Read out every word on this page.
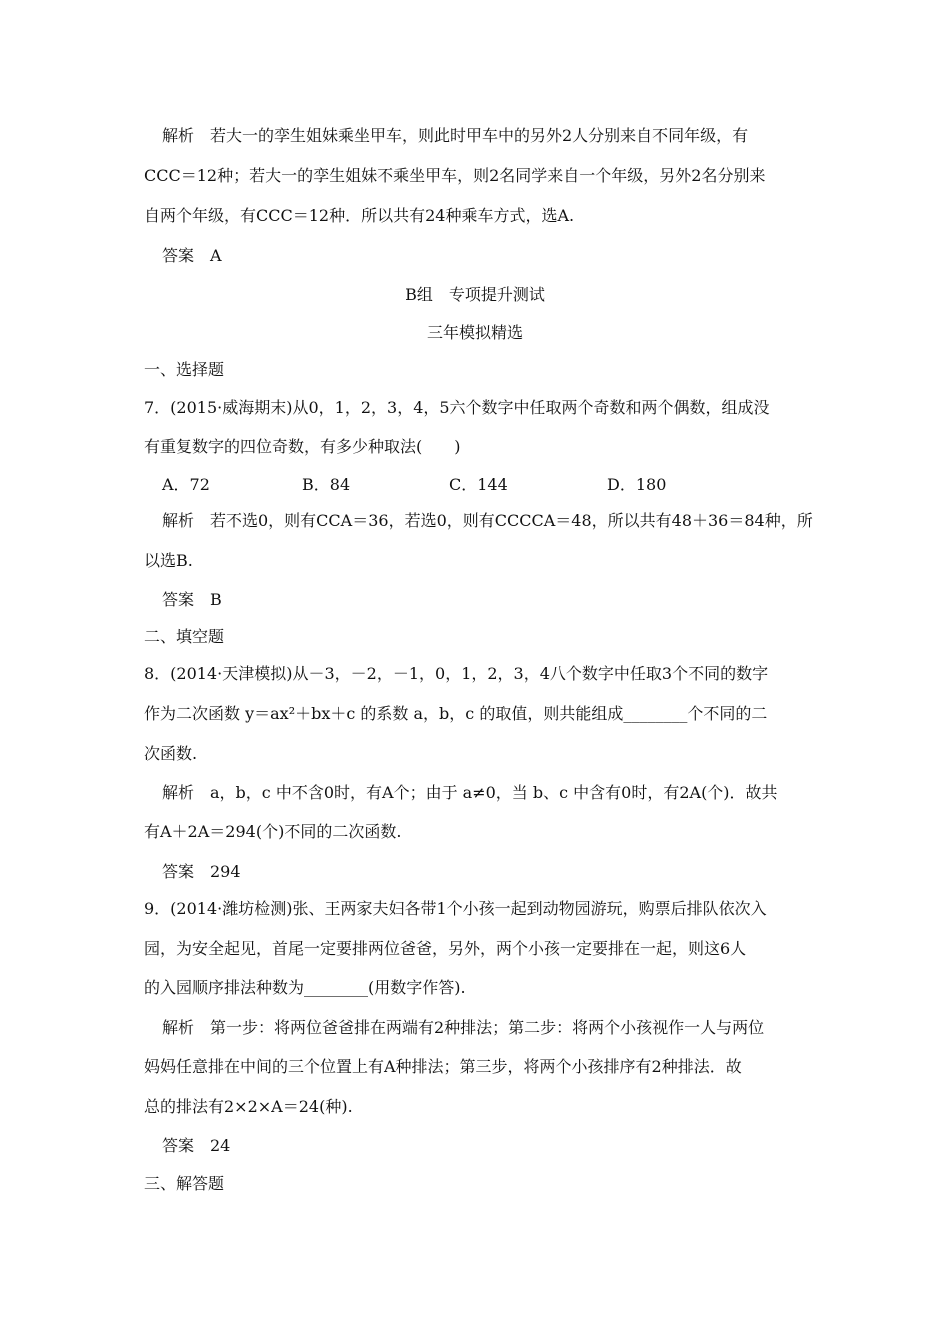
解析　若大一的孪生姐妹乘坐甲车，则此时甲车中的另外2人分别来自不同年级，有
CCC＝12种；若大一的孪生姐妹不乘坐甲车，则2名同学来自一个年级，另外2名分别来
自两个年级，有CCC＝12种．所以共有24种乘车方式，选A.
答案　A
B组　专项提升测试
三年模拟精选
一、选择题
7．(2015·威海期末)从0，1，2，3，4，5六个数字中任取两个奇数和两个偶数，组成没
有重复数字的四位奇数，有多少种取法(　　)
A．72	B．84	C．144	D．180
解析　若不选0，则有CCA＝36，若选0，则有CCCCA＝48，所以共有48＋36＝84种，所
以选B.
答案　B
二、填空题
8．(2014·天津模拟)从－3，－2，－1，0，1，2，3，4八个数字中任取3个不同的数字
作为二次函数 y＝ax²＋bx＋c 的系数 a，b，c 的取值，则共能组成________个不同的二
次函数.
解析　a，b，c 中不含0时，有A个；由于 a≠0，当 b、c 中含有0时，有2A(个)．故共
有A＋2A＝294(个)不同的二次函数.
答案　294
9．(2014·潍坊检测)张、王两家夫妇各带1个小孩一起到动物园游玩，购票后排队依次入
园，为安全起见，首尾一定要排两位爸爸，另外，两个小孩一定要排在一起，则这6人
的入园顺序排法种数为________(用数字作答).
解析　第一步：将两位爸爸排在两端有2种排法；第二步：将两个小孩视作一人与两位
妈妈任意排在中间的三个位置上有A种排法；第三步，将两个小孩排序有2种排法．故
总的排法有2×2×A＝24(种).
答案　24
三、解答题
